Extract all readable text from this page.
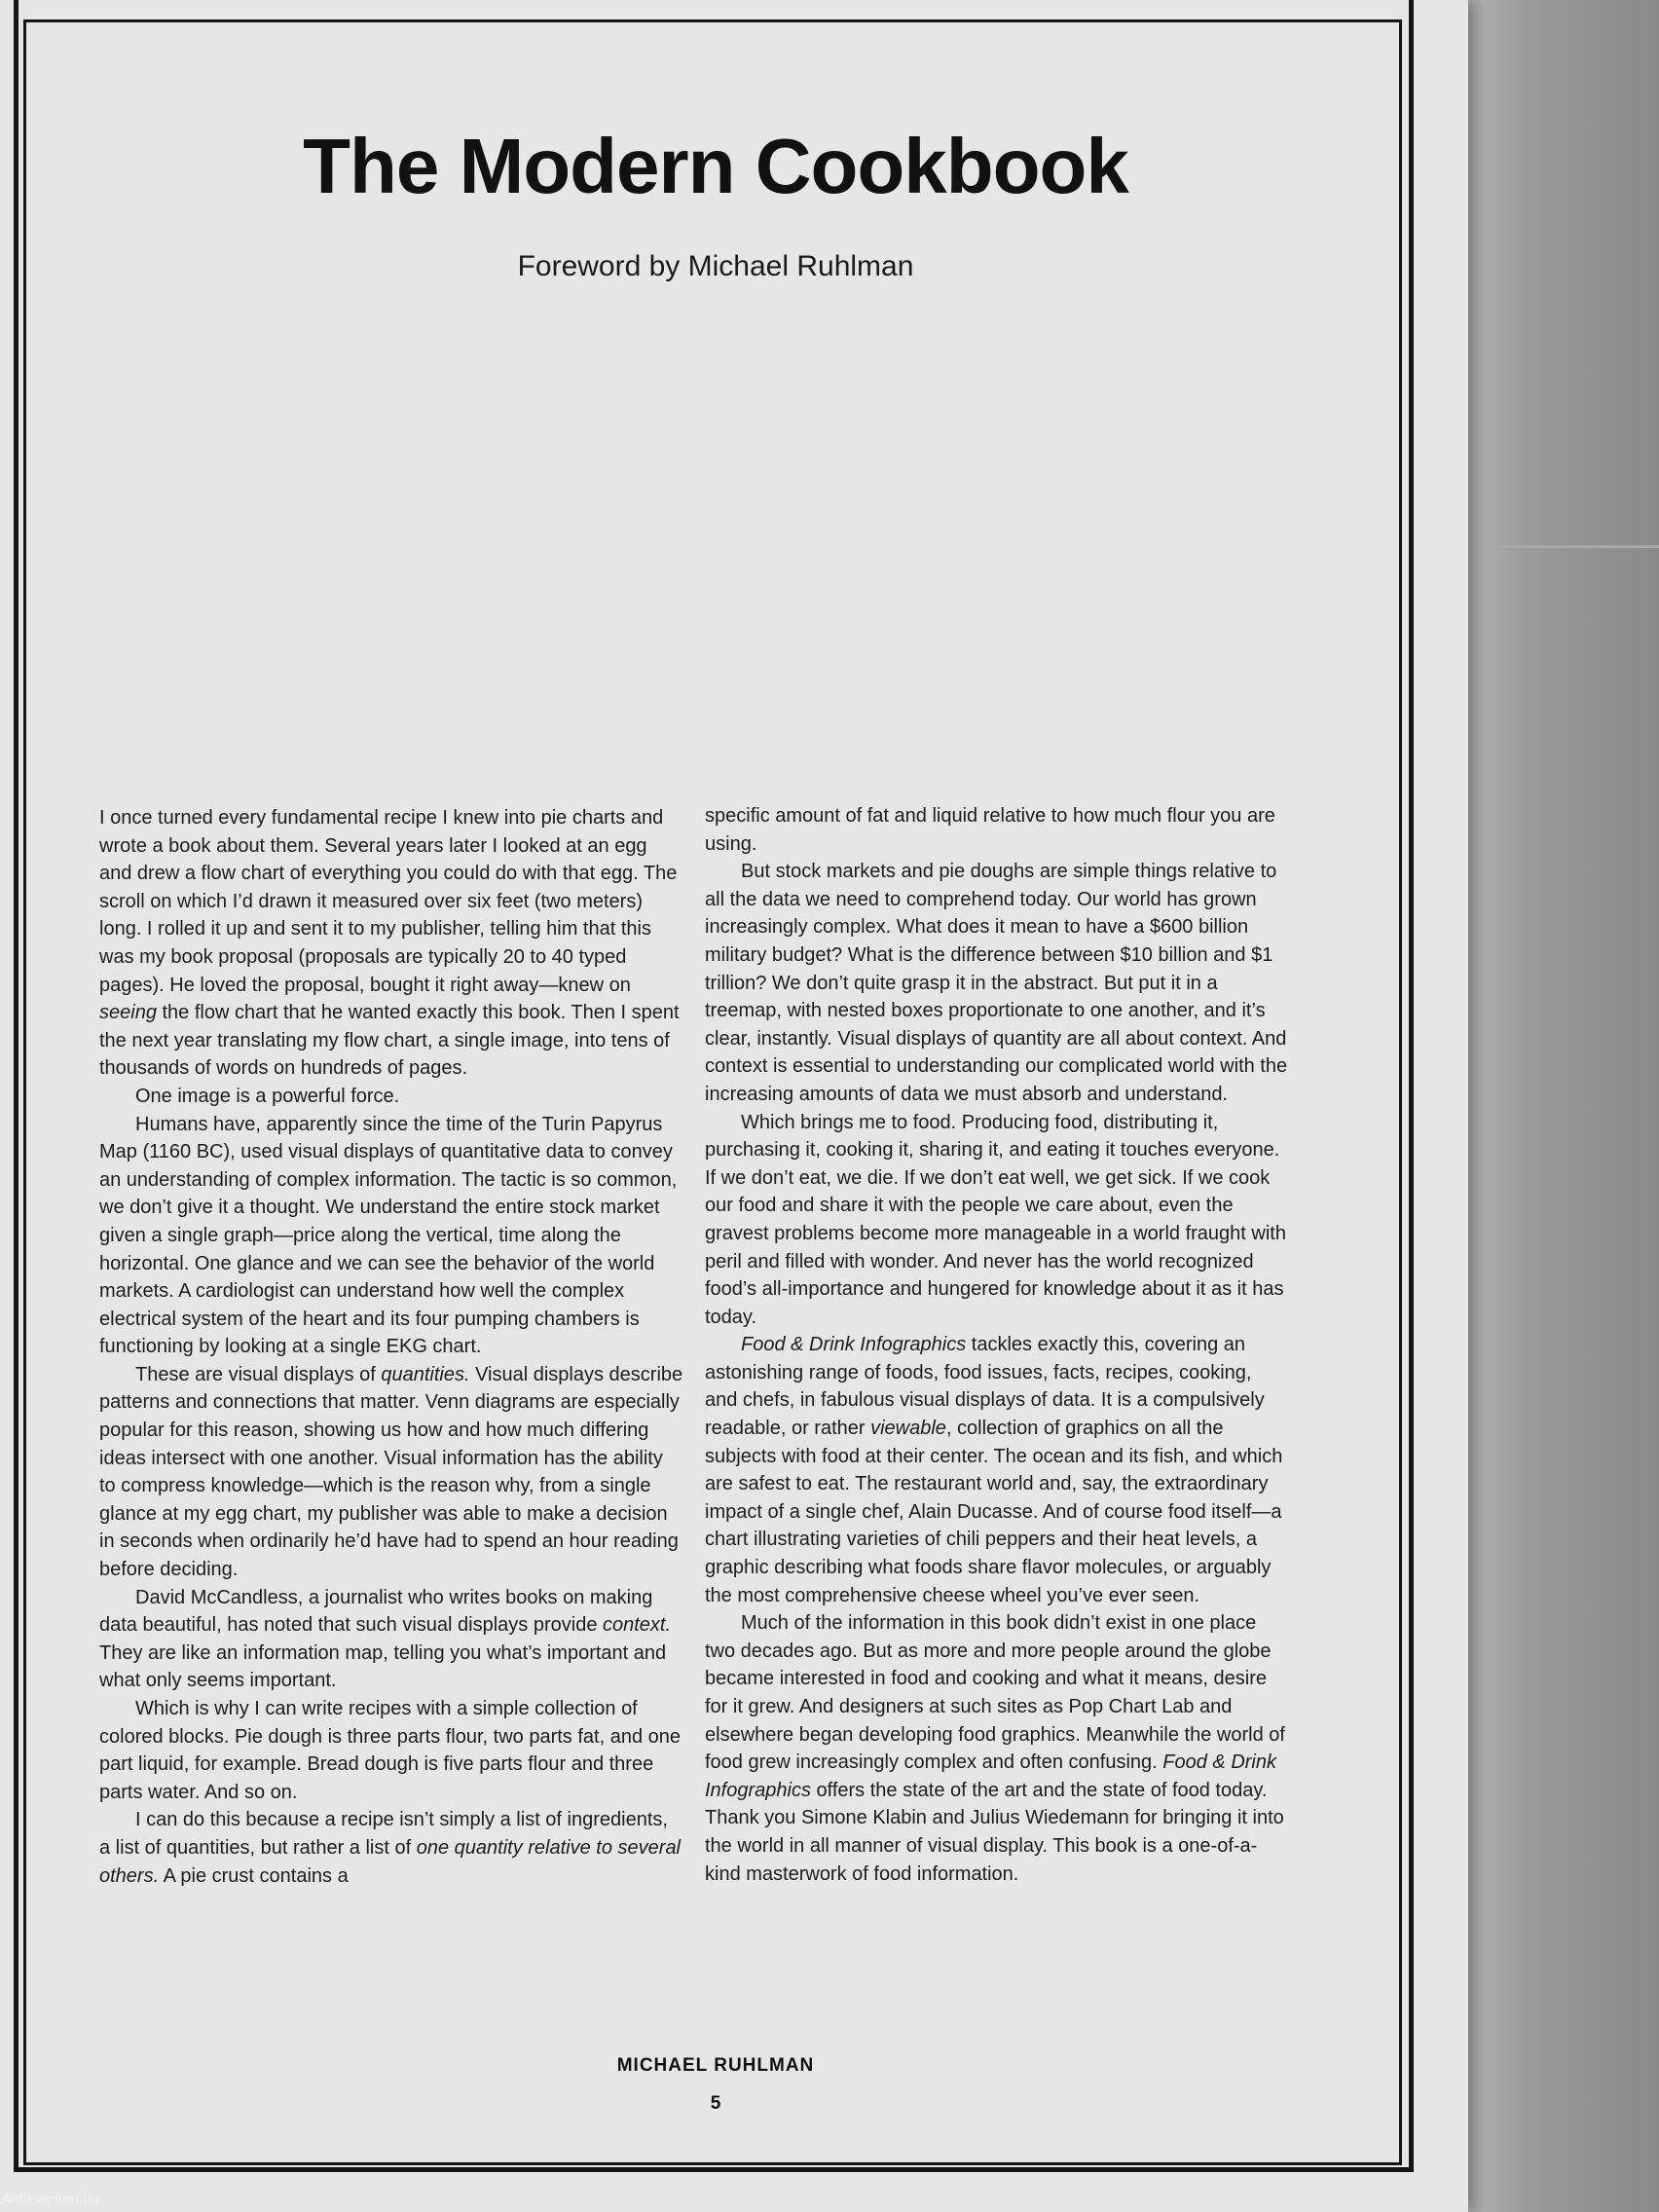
The Modern Cookbook
Foreword by Michael Ruhlman

I once turned every fundamental recipe I knew into pie charts and wrote a book about them. Several years later I looked at an egg and drew a flow chart of everything you could do with that egg. The scroll on which I’d drawn it measured over six feet (two meters) long. I rolled it up and sent it to my publisher, telling him that this was my book proposal (proposals are typically 20 to 40 typed pages). He loved the proposal, bought it right away—knew on seeing the flow chart that he wanted exactly this book. Then I spent the next year translating my flow chart, a single image, into tens of thousands of words on hundreds of pages.

One image is a powerful force.

Humans have, apparently since the time of the Turin Papyrus Map (1160 BC), used visual displays of quantitative data to convey an understanding of complex information. The tactic is so common, we don’t give it a thought. We understand the entire stock market given a single graph—price along the vertical, time along the horizontal. One glance and we can see the behavior of the world markets. A cardiologist can understand how well the complex electrical system of the heart and its four pumping chambers is functioning by looking at a single EKG chart.

These are visual displays of quantities. Visual displays describe patterns and connections that matter. Venn diagrams are especially popular for this reason, showing us how and how much differing ideas intersect with one another. Visual information has the ability to compress knowledge—which is the reason why, from a single glance at my egg chart, my publisher was able to make a decision in seconds when ordinarily he’d have had to spend an hour reading before deciding.

David McCandless, a journalist who writes books on making data beautiful, has noted that such visual displays provide context. They are like an information map, telling you what’s important and what only seems important.

Which is why I can write recipes with a simple collection of colored blocks. Pie dough is three parts flour, two parts fat, and one part liquid, for example. Bread dough is five parts flour and three parts water. And so on.

I can do this because a recipe isn’t simply a list of ingredients, a list of quantities, but rather a list of one quantity relative to several others. A pie crust contains a

specific amount of fat and liquid relative to how much flour you are using.

But stock markets and pie doughs are simple things relative to all the data we need to comprehend today. Our world has grown increasingly complex. What does it mean to have a $600 billion military budget? What is the difference between $10 billion and $1 trillion? We don’t quite grasp it in the abstract. But put it in a treemap, with nested boxes proportionate to one another, and it’s clear, instantly. Visual displays of quantity are all about context. And context is essential to understanding our complicated world with the increasing amounts of data we must absorb and understand.

Which brings me to food. Producing food, distributing it, purchasing it, cooking it, sharing it, and eating it touches everyone. If we don’t eat, we die. If we don’t eat well, we get sick. If we cook our food and share it with the people we care about, even the gravest problems become more manageable in a world fraught with peril and filled with wonder. And never has the world recognized food’s all-importance and hungered for knowledge about it as it has today.

Food & Drink Infographics tackles exactly this, covering an astonishing range of foods, food issues, facts, recipes, cooking, and chefs, in fabulous visual displays of data. It is a compulsively readable, or rather viewable, collection of graphics on all the subjects with food at their center. The ocean and its fish, and which are safest to eat. The restaurant world and, say, the extraordinary impact of a single chef, Alain Ducasse. And of course food itself—a chart illustrating varieties of chili peppers and their heat levels, a graphic describing what foods share flavor molecules, or arguably the most comprehensive cheese wheel you’ve ever seen.

Much of the information in this book didn’t exist in one place two decades ago. But as more and more people around the globe became interested in food and cooking and what it means, desire for it grew. And designers at such sites as Pop Chart Lab and elsewhere began developing food graphics. Meanwhile the world of food grew increasingly complex and often confusing. Food & Drink Infographics offers the state of the art and the state of food today. Thank you Simone Klabin and Julius Wiedemann for bringing it into the world in all manner of visual display. This book is a one-of-a-kind masterwork of food information.

MICHAEL RUHLMAN
5
Antikvarium.hu
